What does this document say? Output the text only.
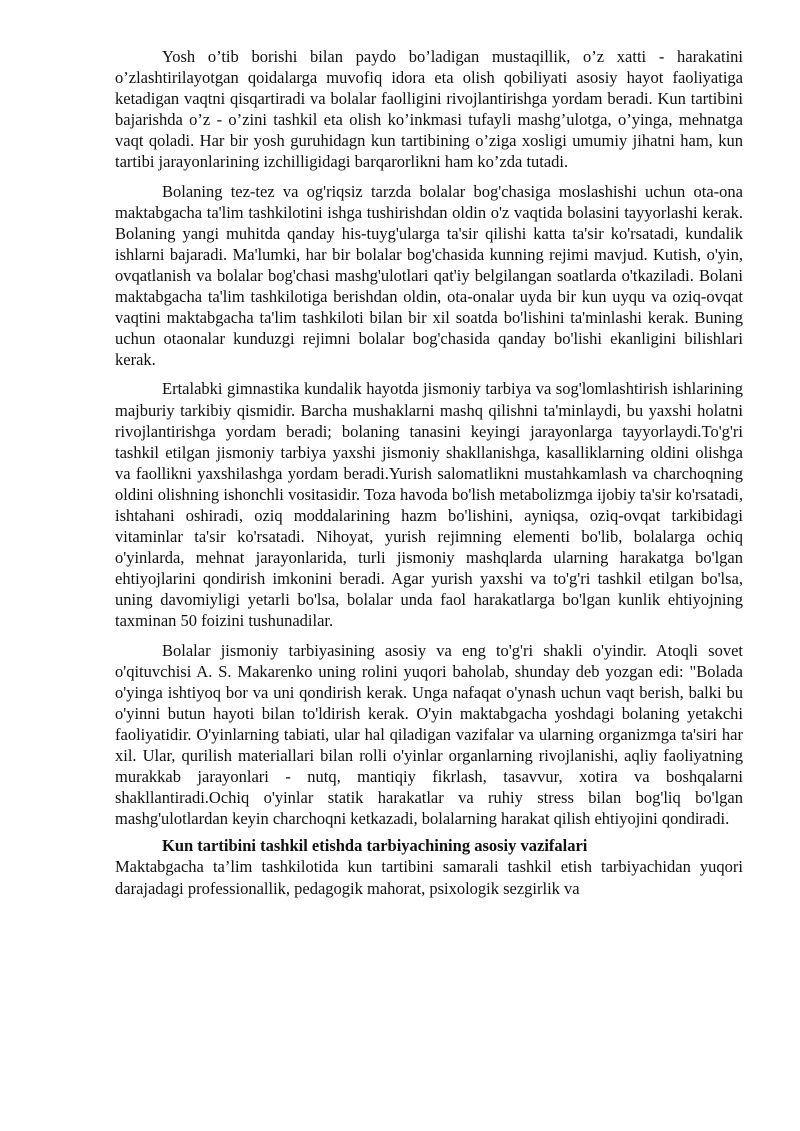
Yosh o’tib borishi bilan paydo bo’ladigan mustaqillik, o’z xatti - harakatini o’zlashtirilayotgan qoidalarga muvofiq idora eta olish qobiliyati asosiy hayot faoliyatiga ketadigan vaqtni qisqartiradi va bolalar faolligini rivojlantirishga yordam beradi. Kun tartibini bajarishda o’z - o’zini tashkil eta olish ko’inkmasi tufayli mashg’ulotga, o’yinga, mehnatga vaqt qoladi. Har bir yosh guruhidagn kun tartibining o’ziga xosligi umumiy jihatni ham, kun tartibi jarayonlarining izchilligidagi barqarorlikni ham ko’zda tutadi.

Bolaning tez-tez va og'riqsiz tarzda bolalar bog'chasiga moslashishi uchun ota-ona maktabgacha ta'lim tashkilotini ishga tushirishdan oldin o'z vaqtida bolasini tayyorlashi kerak. Bolaning yangi muhitda qanday his-tuyg'ularga ta'sir qilishi katta ta'sir ko'rsatadi, kundalik ishlarni bajaradi. Ma'lumki, har bir bolalar bog'chasida kunning rejimi mavjud. Kutish, o'yin, ovqatlanish va bolalar bog'chasi mashg'ulotlari qat'iy belgilangan soatlarda o'tkaziladi. Bolani maktabgacha ta'lim tashkilotiga berishdan oldin, ota-onalar uyda bir kun uyqu va oziq-ovqat vaqtini maktabgacha ta'lim tashkiloti bilan bir xil soatda bo'lishini ta'minlashi kerak. Buning uchun otaonalar kunduzgi rejimni bolalar bog'chasida qanday bo'lishi ekanligini bilishlari kerak.

Ertalabki gimnastika kundalik hayotda jismoniy tarbiya va sog'lomlashtirish ishlarining majburiy tarkibiy qismidir. Barcha mushaklarni mashq qilishni ta'minlaydi, bu yaxshi holatni rivojlantirishga yordam beradi; bolaning tanasini keyingi jarayonlarga tayyorlaydi.To'g'ri tashkil etilgan jismoniy tarbiya yaxshi jismoniy shakllanishga, kasalliklarning oldini olishga va faollikni yaxshilashga yordam beradi.Yurish salomatlikni mustahkamlash va charchoqning oldini olishning ishonchli vositasidir. Toza havoda bo'lish metabolizmga ijobiy ta'sir ko'rsatadi, ishtahani oshiradi, oziq moddalarining hazm bo'lishini, ayniqsa, oziq-ovqat tarkibidagi vitaminlar ta'sir ko'rsatadi. Nihoyat, yurish rejimning elementi bo'lib, bolalarga ochiq o'yinlarda, mehnat jarayonlarida, turli jismoniy mashqlarda ularning harakatga bo'lgan ehtiyojlarini qondirish imkonini beradi. Agar yurish yaxshi va to'g'ri tashkil etilgan bo'lsa, uning davomiyligi yetarli bo'lsa, bolalar unda faol harakatlarga bo'lgan kunlik ehtiyojning taxminan 50 foizini tushunadilar.

Bolalar jismoniy tarbiyasining asosiy va eng to'g'ri shakli o'yindir. Atoqli sovet o'qituvchisi A. S. Makarenko uning rolini yuqori baholab, shunday deb yozgan edi: "Bolada o'yinga ishtiyoq bor va uni qondirish kerak. Unga nafaqat o'ynash uchun vaqt berish, balki bu o'yinni butun hayoti bilan to'ldirish kerak. O'yin maktabgacha yoshdagi bolaning yetakchi faoliyatidir. O'yinlarning tabiati, ular hal qiladigan vazifalar va ularning organizmga ta'siri har xil. Ular, qurilish materiallari bilan rolli o'yinlar organlarning rivojlanishi, aqliy faoliyatning murakkab jarayonlari - nutq, mantiqiy fikrlash, tasavvur, xotira va boshqalarni shakllantiradi.Ochiq o'yinlar statik harakatlar va ruhiy stress bilan bog'liq bo'lgan mashg'ulotlardan keyin charchoqni ketkazadi, bolalarning harakat qilish ehtiyojini qondiradi.

Kun tartibini tashkil etishda tarbiyachining asosiy vazifalari
Maktabgacha ta’lim tashkilotida kun tartibini samarali tashkil etish tarbiyachidan yuqori darajadagi professionallik, pedagogik mahorat, psixologik sezgirlik va
